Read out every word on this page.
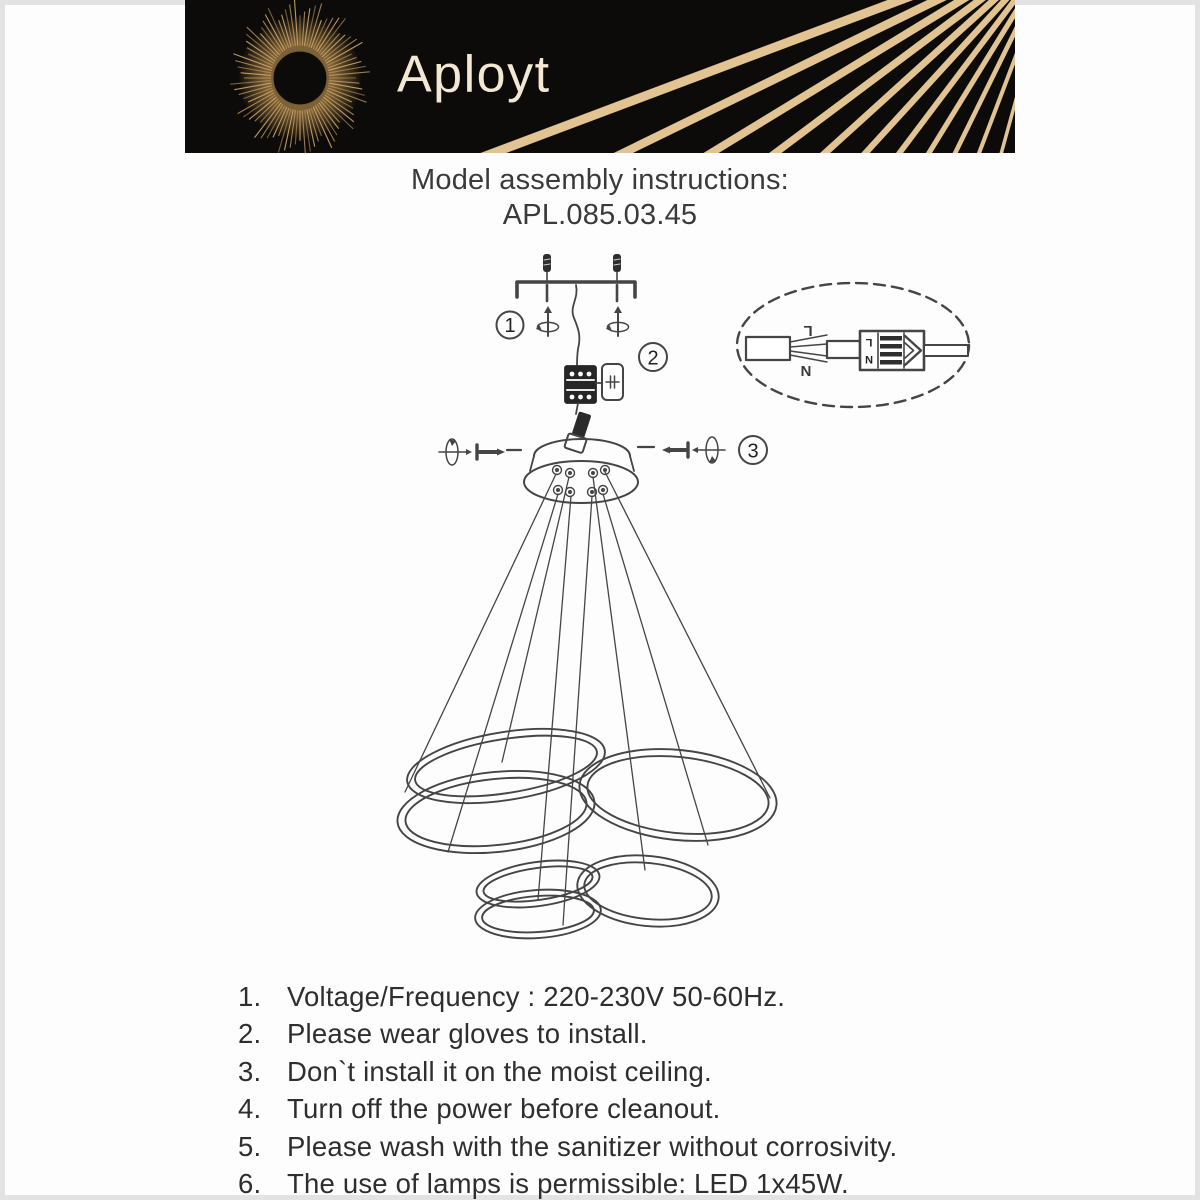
Aployt
Model assembly instructions:
APL.085.03.45
1
2
L
N
L
N
3
1. Voltage/Frequency : 220-230V 50-60Hz.
2. Please wear gloves to install.
3. Don`t install it on the moist ceiling.
4. Turn off the power before cleanout.
5. Please wash with the sanitizer without corrosivity.
6. The use of lamps is permissible: LED 1x45W.
